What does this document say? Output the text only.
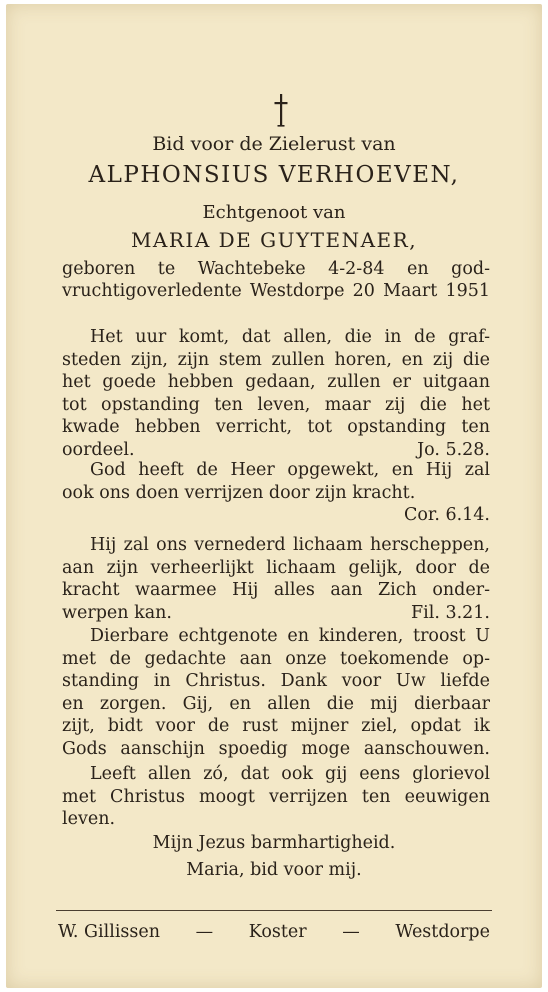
Bid voor de Zielerust van
ALPHONSIUS VERHOEVEN,
Echtgenoot van
MARIA DE GUYTENAER,
geboren te Wachtebeke 4-2-84 en god-
vruchtigoverledente Westdorpe 20 Maart 1951
Het uur komt, dat allen, die in de graf-
steden zijn, zijn stem zullen horen, en zij die
het goede hebben gedaan, zullen er uitgaan
tot opstanding ten leven, maar zij die het
kwade hebben verricht, tot opstanding ten
oordeel.	Jo. 5.28.
God heeft de Heer opgewekt, en Hij zal
ook ons doen verrijzen door zijn kracht.
Cor. 6.14.
Hij zal ons vernederd lichaam herscheppen,
aan zijn verheerlijkt lichaam gelijk, door de
kracht waarmee Hij alles aan Zich onder-
werpen kan.	Fil. 3.21.
Dierbare echtgenote en kinderen, troost U
met de gedachte aan onze toekomende op-
standing in Christus. Dank voor Uw liefde
en zorgen. Gij, en allen die mij dierbaar
zijt, bidt voor de rust mijner ziel, opdat ik
Gods aanschijn spoedig moge aanschouwen.
Leeft allen zó, dat ook gij eens glorievol
met Christus moogt verrijzen ten eeuwigen
leven.
Mijn Jezus barmhartigheid.
Maria, bid voor mij.
W. Gillissen — Koster — Westdorpe
